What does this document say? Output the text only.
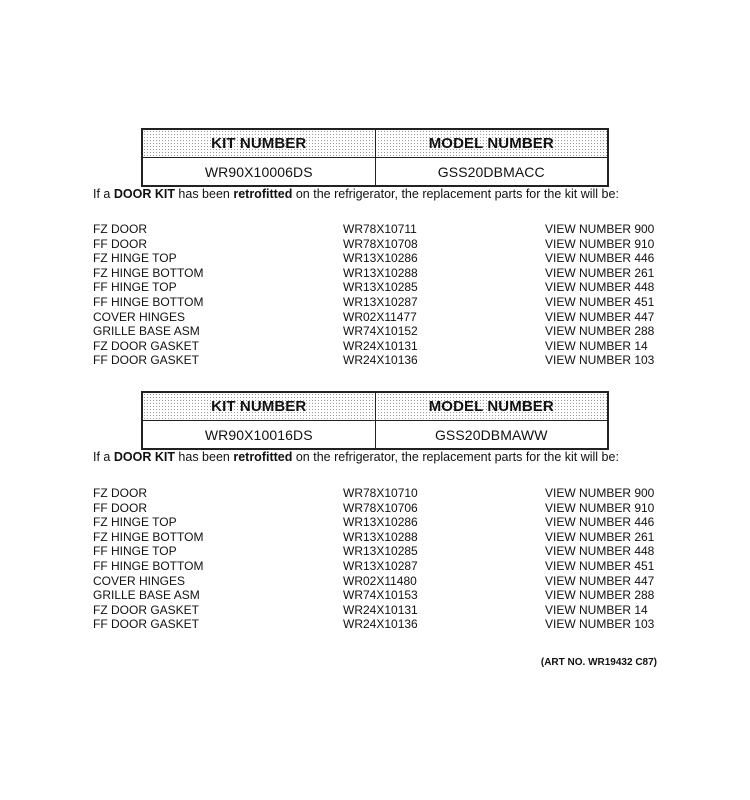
KIT NUMBER	MODEL NUMBER
WR90X10006DS	GSS20DBMACC
If a DOOR KIT has been retrofitted on the refrigerator, the replacement parts for the kit will be:
FZ DOOR	WR78X10711	VIEW NUMBER 900
FF DOOR	WR78X10708	VIEW NUMBER 910
FZ HINGE TOP	WR13X10286	VIEW NUMBER 446
FZ HINGE BOTTOM	WR13X10288	VIEW NUMBER 261
FF HINGE TOP	WR13X10285	VIEW NUMBER 448
FF HINGE BOTTOM	WR13X10287	VIEW NUMBER 451
COVER HINGES	WR02X11477	VIEW NUMBER 447
GRILLE BASE ASM	WR74X10152	VIEW NUMBER 288
FZ DOOR GASKET	WR24X10131	VIEW NUMBER 14
FF DOOR GASKET	WR24X10136	VIEW NUMBER 103
KIT NUMBER	MODEL NUMBER
WR90X10016DS	GSS20DBMAWW
If a DOOR KIT has been retrofitted on the refrigerator, the replacement parts for the kit will be:
FZ DOOR	WR78X10710	VIEW NUMBER 900
FF DOOR	WR78X10706	VIEW NUMBER 910
FZ HINGE TOP	WR13X10286	VIEW NUMBER 446
FZ HINGE BOTTOM	WR13X10288	VIEW NUMBER 261
FF HINGE TOP	WR13X10285	VIEW NUMBER 448
FF HINGE BOTTOM	WR13X10287	VIEW NUMBER 451
COVER HINGES	WR02X11480	VIEW NUMBER 447
GRILLE BASE ASM	WR74X10153	VIEW NUMBER 288
FZ DOOR GASKET	WR24X10131	VIEW NUMBER 14
FF DOOR GASKET	WR24X10136	VIEW NUMBER 103
(ART NO. WR19432 C87)
